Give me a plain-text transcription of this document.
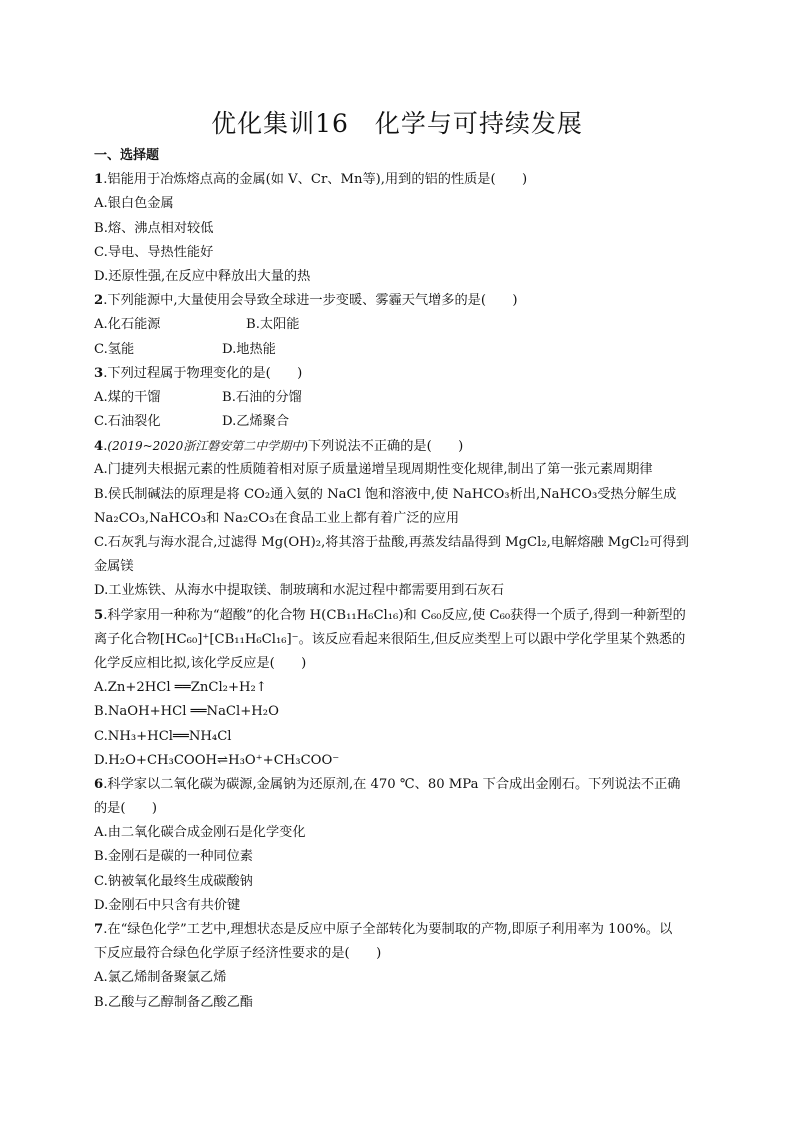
优化集训16　化学与可持续发展
一、选择题
1.铝能用于冶炼熔点高的金属(如 V、Cr、Mn等),用到的铝的性质是(　　)
A.银白色金属
B.熔、沸点相对较低
C.导电、导热性能好
D.还原性强,在反应中释放出大量的热
2.下列能源中,大量使用会导致全球进一步变暖、雾霾天气增多的是(　　)
A.化石能源	B.太阳能
C.氢能	D.地热能
3.下列过程属于物理变化的是(　　)
A.煤的干馏	B.石油的分馏
C.石油裂化	D.乙烯聚合
4.(2019~2020浙江磐安第二中学期中)下列说法不正确的是(　　)
A.门捷列夫根据元素的性质随着相对原子质量递增呈现周期性变化规律,制出了第一张元素周期律
B.侯氏制碱法的原理是将 CO₂通入氨的 NaCl 饱和溶液中,使 NaHCO₃析出,NaHCO₃受热分解生成
Na₂CO₃,NaHCO₃和 Na₂CO₃在食品工业上都有着广泛的应用
C.石灰乳与海水混合,过滤得 Mg(OH)₂,将其溶于盐酸,再蒸发结晶得到 MgCl₂,电解熔融 MgCl₂可得到
金属镁
D.工业炼铁、从海水中提取镁、制玻璃和水泥过程中都需要用到石灰石
5.科学家用一种称为“超酸”的化合物 H(CB₁₁H₆Cl₁₆)和 C₆₀反应,使 C₆₀获得一个质子,得到一种新型的
离子化合物[HC₆₀]⁺[CB₁₁H₆Cl₁₆]⁻。该反应看起来很陌生,但反应类型上可以跟中学化学里某个熟悉的
化学反应相比拟,该化学反应是(　　)
A.Zn+2HCl ══ZnCl₂+H₂↑
B.NaOH+HCl ══NaCl+H₂O
C.NH₃+HCl══NH₄Cl
D.H₂O+CH₃COOH⇌H₃O⁺+CH₃COO⁻
6.科学家以二氧化碳为碳源,金属钠为还原剂,在 470 ℃、80 MPa 下合成出金刚石。下列说法不正确
的是(　　)
A.由二氧化碳合成金刚石是化学变化
B.金刚石是碳的一种同位素
C.钠被氧化最终生成碳酸钠
D.金刚石中只含有共价键
7.在“绿色化学”工艺中,理想状态是反应中原子全部转化为要制取的产物,即原子利用率为 100%。以
下反应最符合绿色化学原子经济性要求的是(　　)
A.氯乙烯制备聚氯乙烯
B.乙酸与乙醇制备乙酸乙酯
